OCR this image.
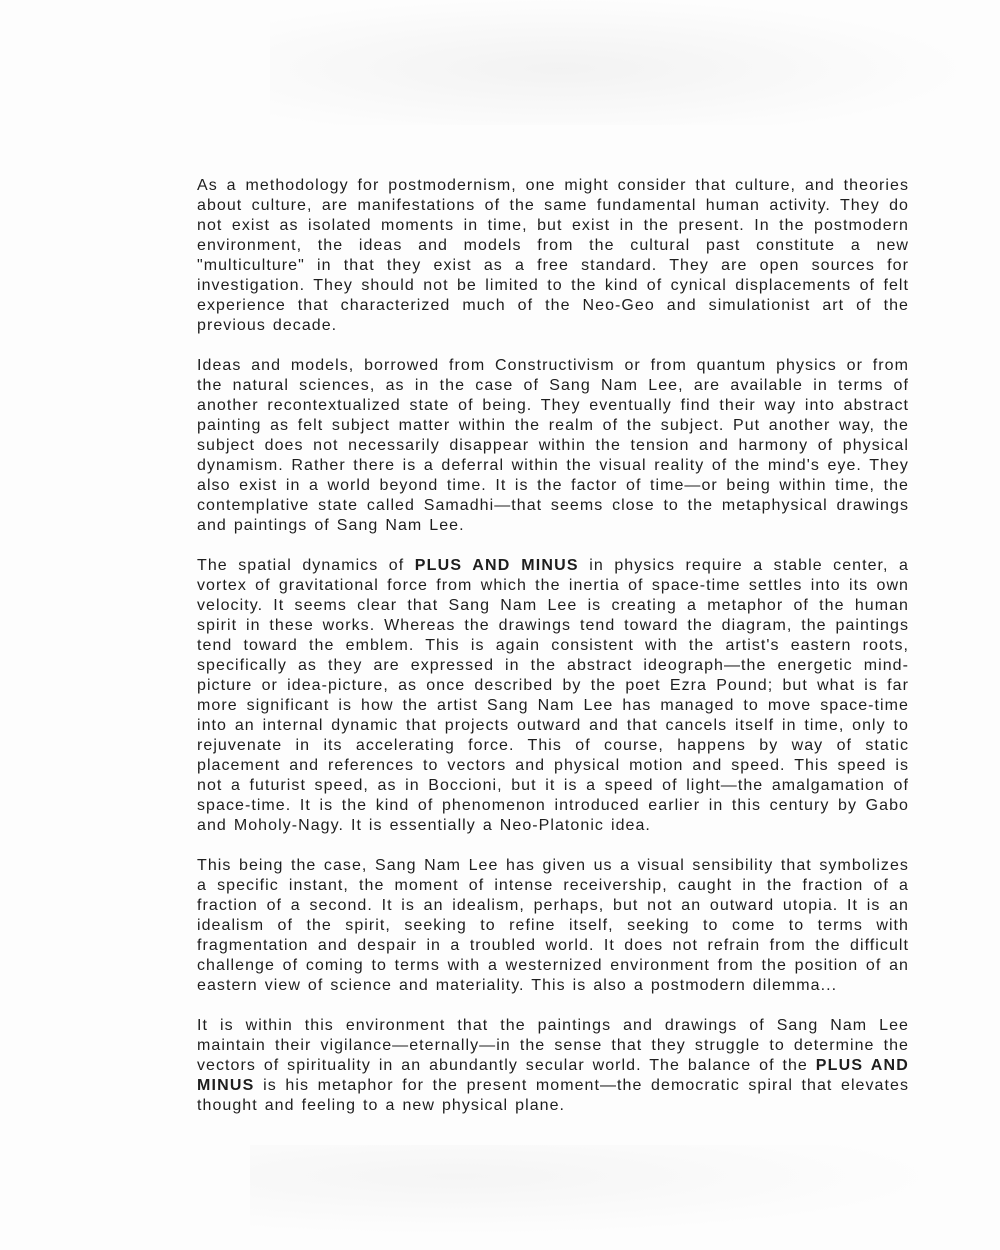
As a methodology for postmodernism, one might consider that culture, and theories about culture, are manifestations of the same fundamental human activity. They do not exist as isolated moments in time, but exist in the present. In the postmodern environment, the ideas and models from the cultural past constitute a new "multiculture" in that they exist as a free standard. They are open sources for investigation. They should not be limited to the kind of cynical displacements of felt experience that characterized much of the Neo-Geo and simulationist art of the previous decade.

Ideas and models, borrowed from Constructivism or from quantum physics or from the natural sciences, as in the case of Sang Nam Lee, are available in terms of another recontextualized state of being. They eventually find their way into abstract painting as felt subject matter within the realm of the subject. Put another way, the subject does not necessarily disappear within the tension and harmony of physical dynamism. Rather there is a deferral within the visual reality of the mind's eye. They also exist in a world beyond time. It is the factor of time—or being within time, the contemplative state called Samadhi—that seems close to the metaphysical drawings and paintings of Sang Nam Lee.

The spatial dynamics of PLUS AND MINUS in physics require a stable center, a vortex of gravitational force from which the inertia of space-time settles into its own velocity. It seems clear that Sang Nam Lee is creating a metaphor of the human spirit in these works. Whereas the drawings tend toward the diagram, the paintings tend toward the emblem. This is again consistent with the artist's eastern roots, specifically as they are expressed in the abstract ideograph—the energetic mind-picture or idea-picture, as once described by the poet Ezra Pound; but what is far more significant is how the artist Sang Nam Lee has managed to move space-time into an internal dynamic that projects outward and that cancels itself in time, only to rejuvenate in its accelerating force. This of course, happens by way of static placement and references to vectors and physical motion and speed. This speed is not a futurist speed, as in Boccioni, but it is a speed of light—the amalgamation of space-time. It is the kind of phenomenon introduced earlier in this century by Gabo and Moholy-Nagy. It is essentially a Neo-Platonic idea.

This being the case, Sang Nam Lee has given us a visual sensibility that symbolizes a specific instant, the moment of intense receivership, caught in the fraction of a fraction of a second. It is an idealism, perhaps, but not an outward utopia. It is an idealism of the spirit, seeking to refine itself, seeking to come to terms with fragmentation and despair in a troubled world. It does not refrain from the difficult challenge of coming to terms with a westernized environment from the position of an eastern view of science and materiality. This is also a postmodern dilemma...

It is within this environment that the paintings and drawings of Sang Nam Lee maintain their vigilance—eternally—in the sense that they struggle to determine the vectors of spirituality in an abundantly secular world. The balance of the PLUS AND MINUS is his metaphor for the present moment—the democratic spiral that elevates thought and feeling to a new physical plane.
